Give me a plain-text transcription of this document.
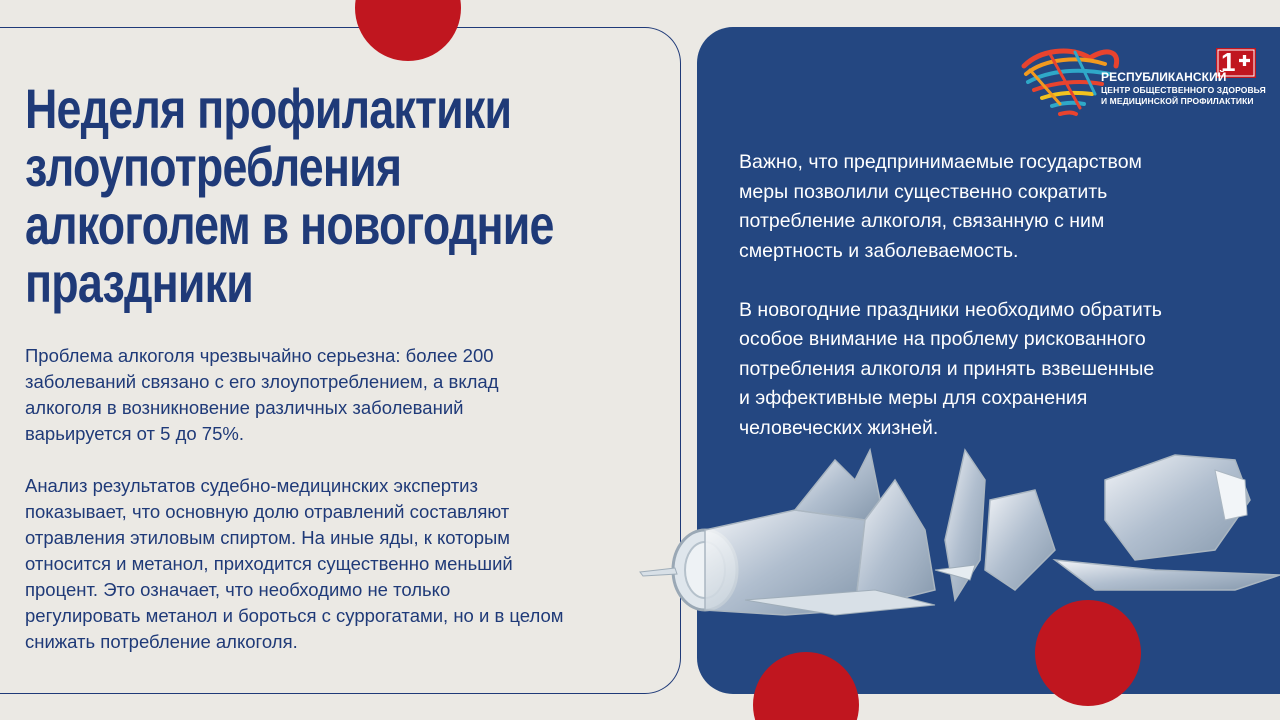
Неделя профилактики
злоупотребления
алкоголем в новогодние
праздники

Проблема алкоголя чрезвычайно серьезна: более 200
заболеваний связано с его злоупотреблением, а вклад
алкоголя в возникновение различных заболеваний
варьируется от 5 до 75%.

Анализ результатов судебно-медицинских экспертиз
показывает, что основную долю отравлений составляют
отравления этиловым спиртом. На иные яды, к которым
относится и метанол, приходится существенно меньший
процент. Это означает, что необходимо не только
регулировать метанол и бороться с суррогатами, но и в целом
снижать потребление алкоголя.

1
РЕСПУБЛИКАНСКИЙ
ЦЕНТР ОБЩЕСТВЕННОГО ЗДОРОВЬЯ
И МЕДИЦИНСКОЙ ПРОФИЛАКТИКИ

Важно, что предпринимаемые государством
меры позволили существенно сократить
потребление алкоголя, связанную с ним
смертность и заболеваемость.

В новогодние праздники необходимо обратить
особое внимание на проблему рискованного
потребления алкоголя и принять взвешенные
и эффективные меры для сохранения
человеческих жизней.
